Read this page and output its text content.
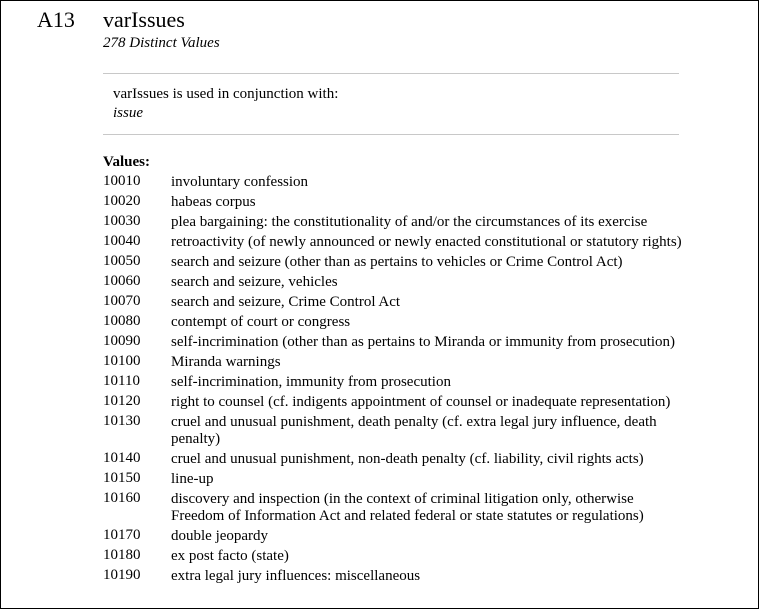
A13 varIssues
278 Distinct Values
varIssues is used in conjunction with:
issue
Values:
10010	involuntary confession
10020	habeas corpus
10030	plea bargaining: the constitutionality of and/or the circumstances of its exercise
10040	retroactivity (of newly announced or newly enacted constitutional or statutory rights)
10050	search and seizure (other than as pertains to vehicles or Crime Control Act)
10060	search and seizure, vehicles
10070	search and seizure, Crime Control Act
10080	contempt of court or congress
10090	self-incrimination (other than as pertains to Miranda or immunity from prosecution)
10100	Miranda warnings
10110	self-incrimination, immunity from prosecution
10120	right to counsel (cf. indigents appointment of counsel or inadequate representation)
10130	cruel and unusual punishment, death penalty (cf. extra legal jury influence, death penalty)
10140	cruel and unusual punishment, non-death penalty (cf. liability, civil rights acts)
10150	line-up
10160	discovery and inspection (in the context of criminal litigation only, otherwise Freedom of Information Act and related federal or state statutes or regulations)
10170	double jeopardy
10180	ex post facto (state)
10190	extra legal jury influences: miscellaneous
